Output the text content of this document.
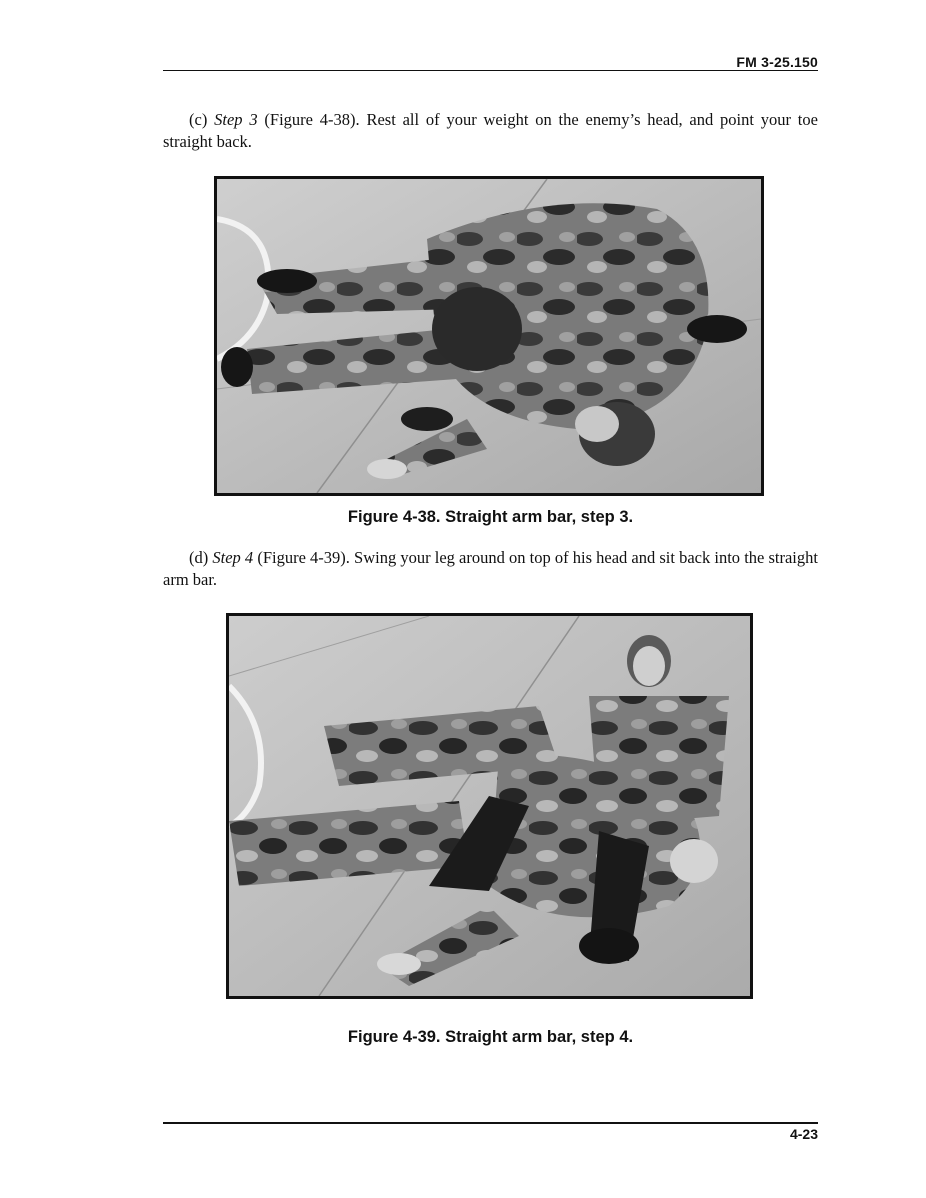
FM 3-25.150

(c) Step 3 (Figure 4-38). Rest all of your weight on the enemy’s head, and point your toe straight back.

Figure 4-38. Straight arm bar, step 3.

(d) Step 4 (Figure 4-39). Swing your leg around on top of his head and sit back into the straight arm bar.

Figure 4-39. Straight arm bar, step 4.
4-23
